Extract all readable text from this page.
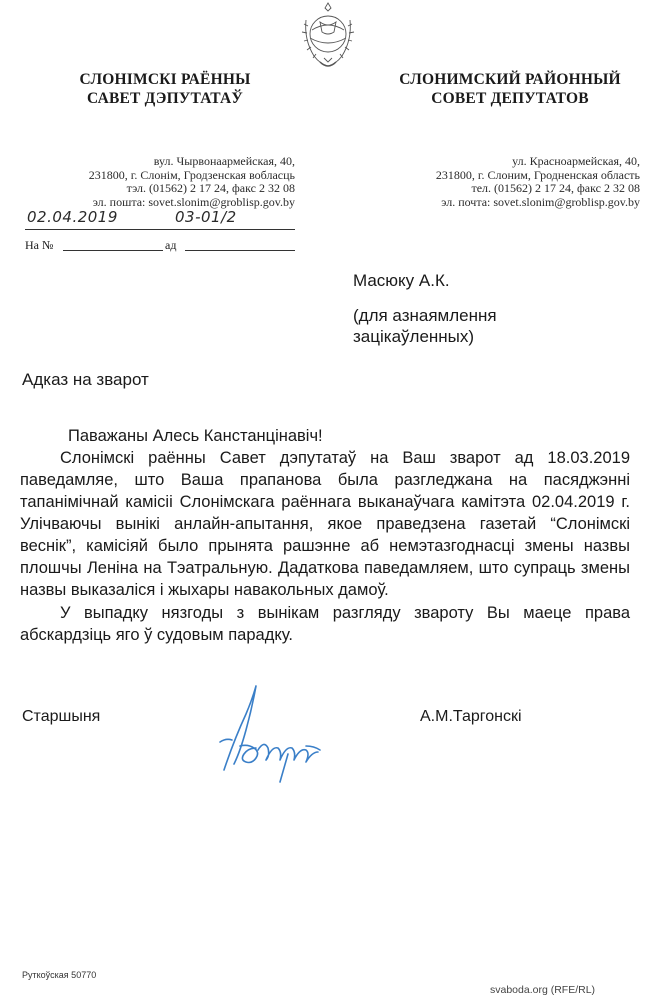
СЛОНІМСКІ РАЁННЫ
САВЕТ ДЭПУТАТАЎ
СЛОНИМСКИЙ РАЙОННЫЙ
СОВЕТ ДЕПУТАТОВ
вул. Чырвонаармейская, 40,
231800, г. Слонім, Гродзенская вобласць
тэл. (01562) 2 17 24, факс 2 32 08
эл. пошта: sovet.slonim@groblisp.gov.by
ул. Красноармейская, 40,
231800, г. Слоним, Гродненская область
тел. (01562) 2 17 24, факс 2 32 08
эл. почта: sovet.slonim@groblisp.gov.by
02.04.2019	03-01/2
На №	ад
Масюку А.К.
(для азнаямлення
зацікаўленных)
Адказ на зварот

Паважаны Алесь Канстанцінавіч!

Слонімскі раённы Савет дэпутатаў на Ваш зварот ад 18.03.2019 паведамляе, што Ваша прапанова была разгледжана на пасяджэнні тапанімічнай камісіі Слонімскага раённага выканаўчага камітэта 02.04.2019 г. Улічваючы вынікі анлайн-апытання, якое праведзена газетай “Слонімскі веснік”, камісіяй было прынята рашэнне аб немэтазгоднасці змены назвы плошчы Леніна на Тэатральную. Дадаткова паведамляем, што супраць змены назвы выказаліся і жыхары навакольных дамоў.

У выпадку нязгоды з вынікам разгляду звароту Вы маеце права абскардзіць яго ў судовым парадку.

Старшыня	А.М.Таргонскі
Руткоўская 50770
svaboda.org (RFE/RL)
